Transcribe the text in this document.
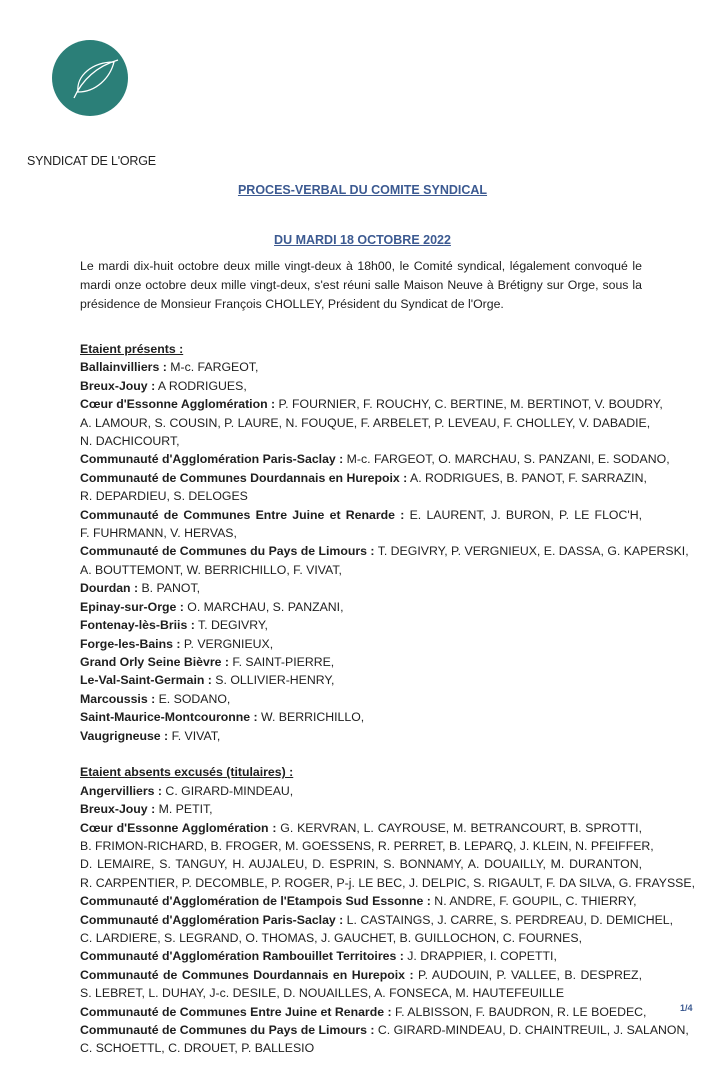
SYNDICAT DE L'ORGE
PROCES-VERBAL DU COMITE SYNDICAL
DU MARDI 18 OCTOBRE 2022
Le mardi dix-huit octobre deux mille vingt-deux à 18h00, le Comité syndical, légalement convoqué le
mardi onze octobre deux mille vingt-deux, s'est réuni salle Maison Neuve à Brétigny sur Orge, sous la
présidence de Monsieur François CHOLLEY, Président du Syndicat de l'Orge.
Etaient présents :
Ballainvilliers : M-c. FARGEOT,
Breux-Jouy : A RODRIGUES,
Cœur d'Essonne Agglomération : P. FOURNIER, F. ROUCHY, C. BERTINE, M. BERTINOT, V. BOUDRY,
A. LAMOUR, S. COUSIN, P. LAURE, N. FOUQUE, F. ARBELET, P. LEVEAU, F. CHOLLEY, V. DABADIE,
N. DACHICOURT,
Communauté d'Agglomération Paris-Saclay : M-c. FARGEOT, O. MARCHAU, S. PANZANI, E. SODANO,
Communauté de Communes Dourdannais en Hurepoix : A. RODRIGUES, B. PANOT, F. SARRAZIN,
R. DEPARDIEU, S. DELOGES
Communauté de Communes Entre Juine et Renarde : E. LAURENT, J. BURON, P. LE FLOC'H,
F. FUHRMANN, V. HERVAS,
Communauté de Communes du Pays de Limours : T. DEGIVRY, P. VERGNIEUX, E. DASSA, G. KAPERSKI,
A. BOUTTEMONT, W. BERRICHILLO, F. VIVAT,
Dourdan : B. PANOT,
Epinay-sur-Orge : O. MARCHAU, S. PANZANI,
Fontenay-lès-Briis : T. DEGIVRY,
Forge-les-Bains : P. VERGNIEUX,
Grand Orly Seine Bièvre : F. SAINT-PIERRE,
Le-Val-Saint-Germain : S. OLLIVIER-HENRY,
Marcoussis : E. SODANO,
Saint-Maurice-Montcouronne : W. BERRICHILLO,
Vaugrigneuse : F. VIVAT,
Etaient absents excusés (titulaires) :
Angervilliers : C. GIRARD-MINDEAU,
Breux-Jouy : M. PETIT,
Cœur d'Essonne Agglomération : G. KERVRAN, L. CAYROUSE, M. BETRANCOURT, B. SPROTTI,
B. FRIMON-RICHARD, B. FROGER, M. GOESSENS, R. PERRET, B. LEPARQ, J. KLEIN, N. PFEIFFER,
D. LEMAIRE, S. TANGUY, H. AUJALEU, D. ESPRIN, S. BONNAMY, A. DOUAILLY, M. DURANTON,
R. CARPENTIER, P. DECOMBLE, P. ROGER, P-j. LE BEC, J. DELPIC, S. RIGAULT, F. DA SILVA, G. FRAYSSE,
Communauté d'Agglomération de l'Etampois Sud Essonne : N. ANDRE, F. GOUPIL, C. THIERRY,
Communauté d'Agglomération Paris-Saclay : L. CASTAINGS, J. CARRE, S. PERDREAU, D. DEMICHEL,
C. LARDIERE, S. LEGRAND, O. THOMAS, J. GAUCHET, B. GUILLOCHON, C. FOURNES,
Communauté d'Agglomération Rambouillet Territoires : J. DRAPPIER, I. COPETTI,
Communauté de Communes Dourdannais en Hurepoix : P. AUDOUIN, P. VALLEE, B. DESPREZ,
S. LEBRET, L. DUHAY, J-c. DESILE, D. NOUAILLES, A. FONSECA, M. HAUTEFEUILLE
Communauté de Communes Entre Juine et Renarde : F. ALBISSON, F. BAUDRON, R. LE BOEDEC,
Communauté de Communes du Pays de Limours : C. GIRARD-MINDEAU, D. CHAINTREUIL, J. SALANON,
C. SCHOETTL, C. DROUET, P. BALLESIO
1/4
